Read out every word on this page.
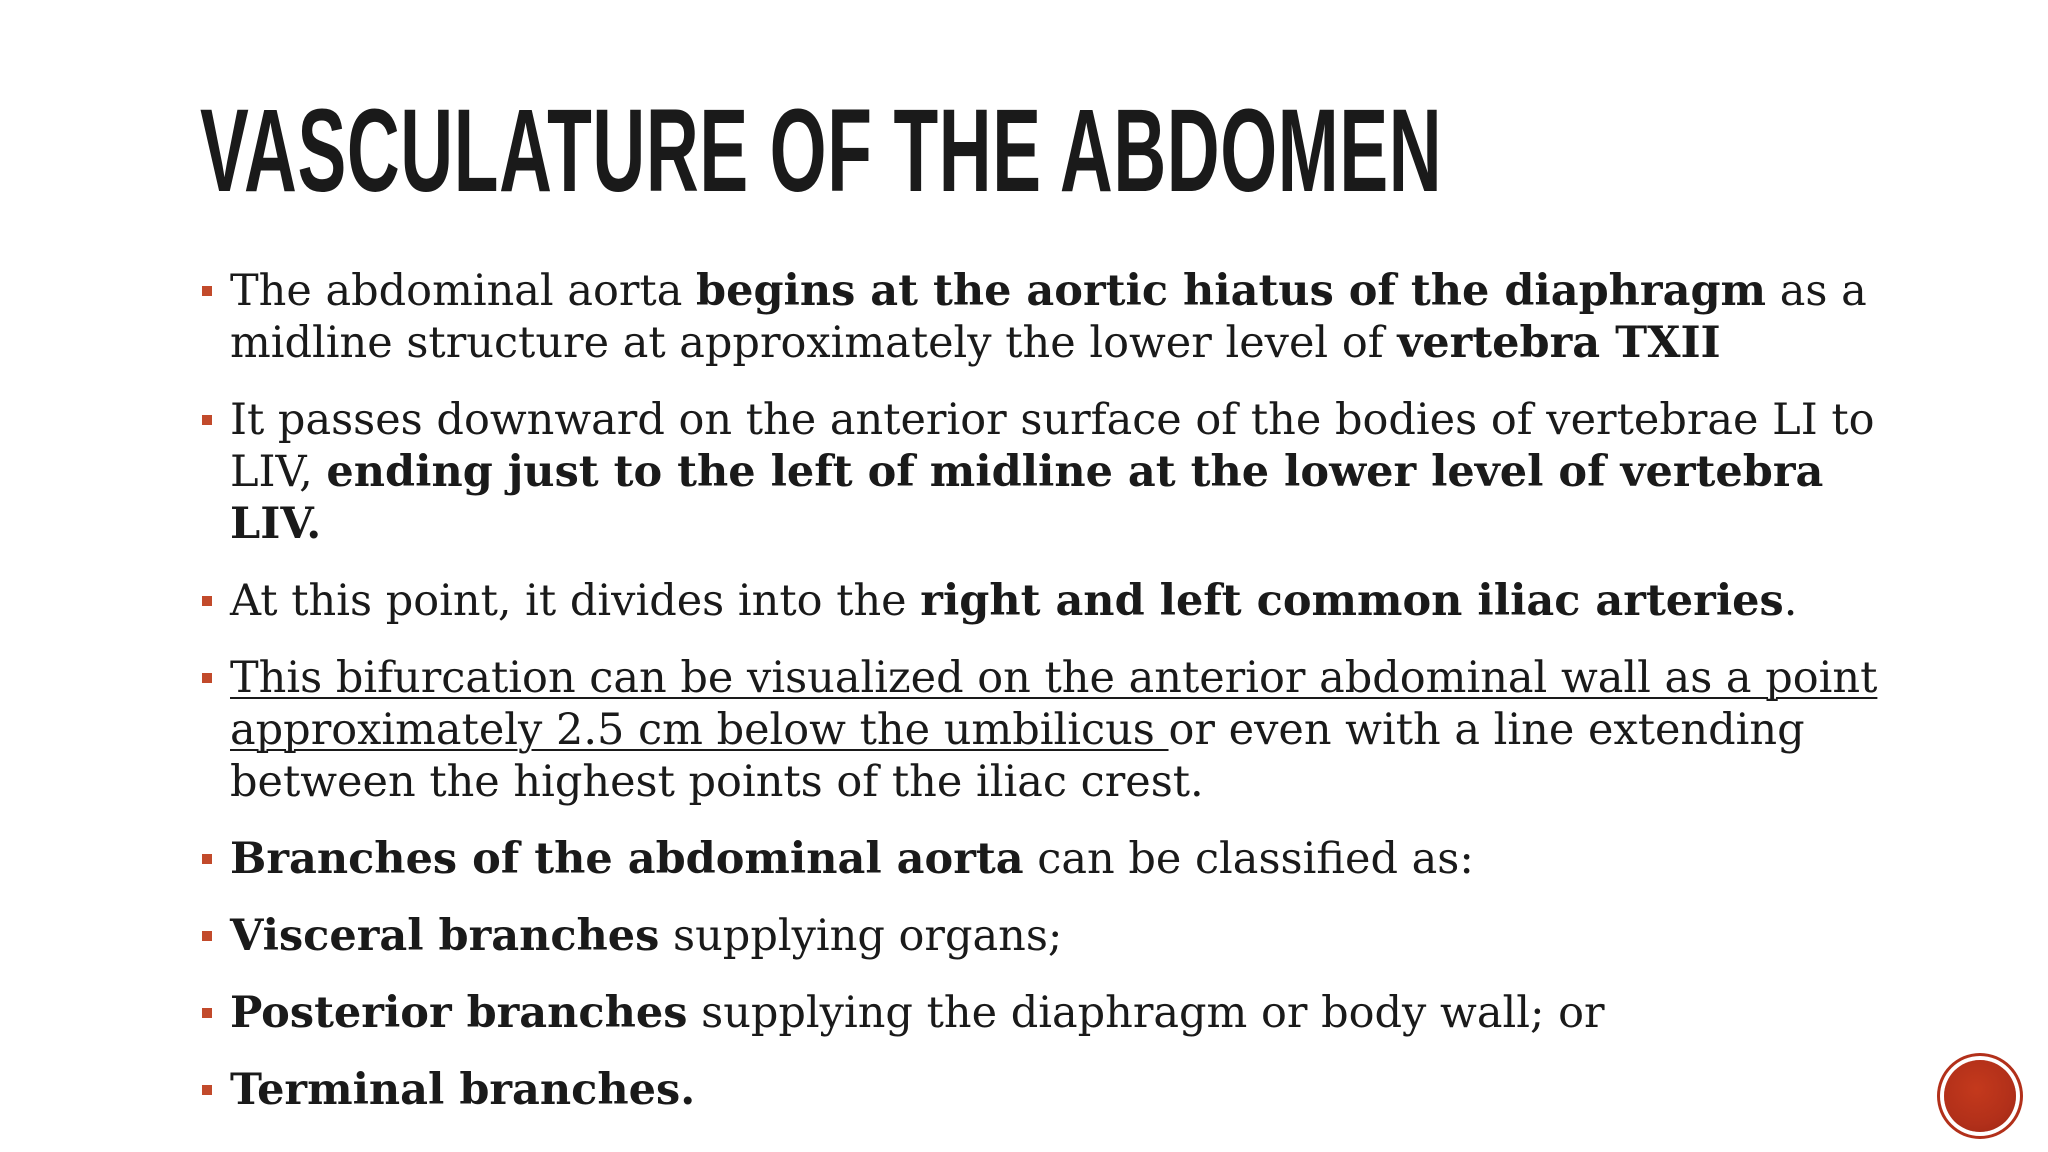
VASCULATURE OF THE ABDOMEN
The abdominal aorta begins at the aortic hiatus of the diaphragm as a midline structure at approximately the lower level of vertebra TXII
It passes downward on the anterior surface of the bodies of vertebrae LI to LIV, ending just to the left of midline at the lower level of vertebra LIV.
At this point, it divides into the right and left common iliac arteries.
This bifurcation can be visualized on the anterior abdominal wall as a point approximately 2.5 cm below the umbilicus or even with a line extending between the highest points of the iliac crest.
Branches of the abdominal aorta can be classified as:
Visceral branches supplying organs;
Posterior branches supplying the diaphragm or body wall; or
Terminal branches.
